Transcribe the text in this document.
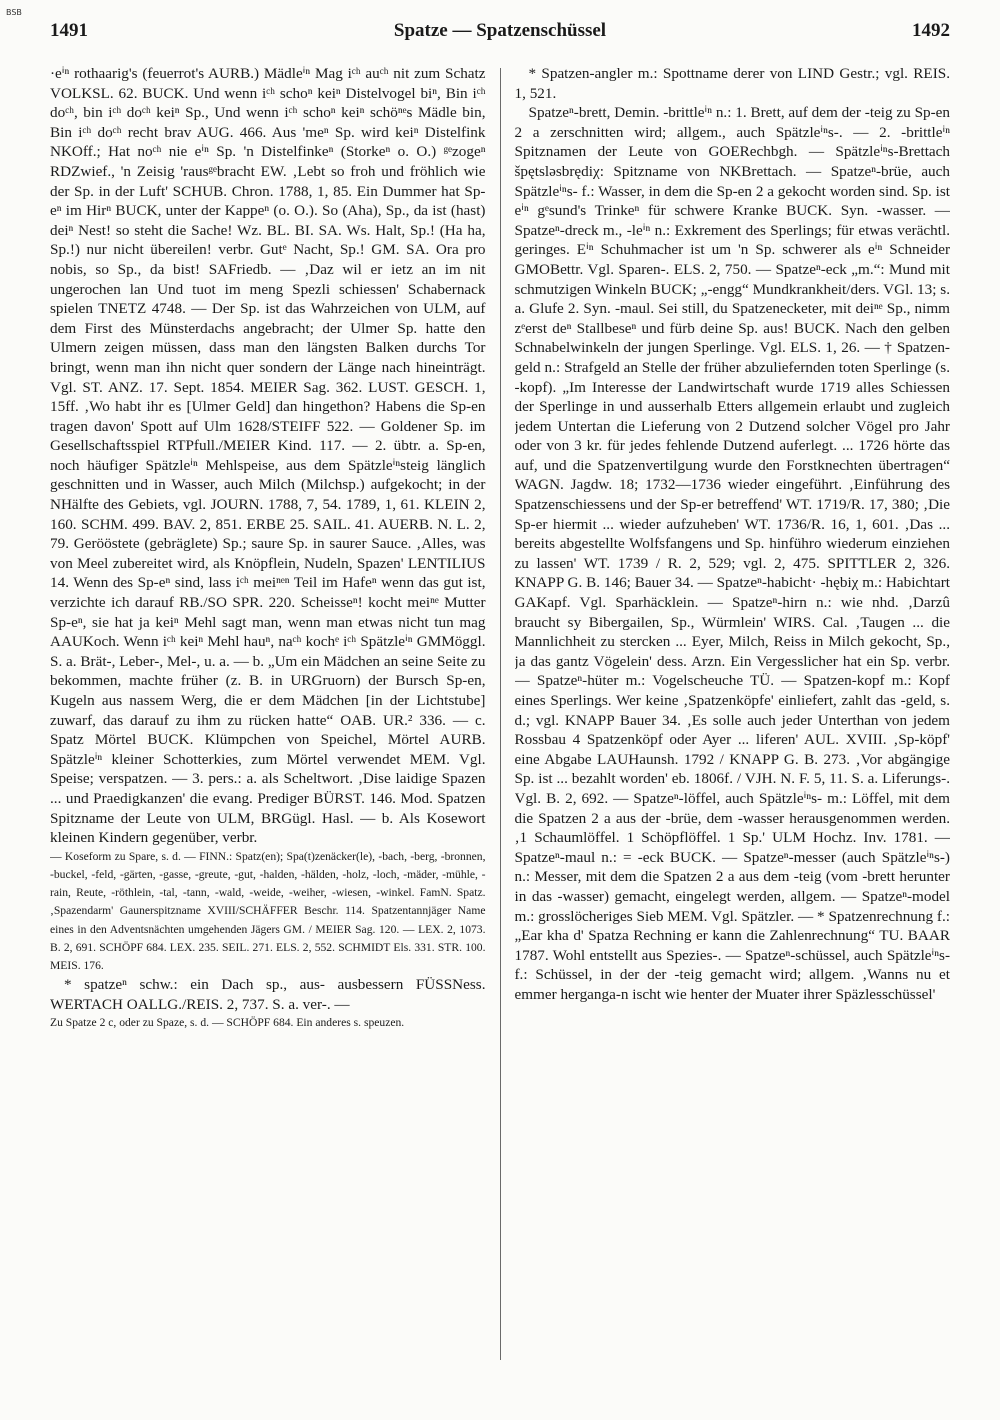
BSB
1491	Spatze — Spatzenschüssel	1492

·eⁱⁿ rothaarig's (feuerrot's AURB.) Mädleⁱⁿ Mag iᶜʰ auᶜʰ nit zum Schatz VOLKSL. 62. BUCK. Und wenn iᶜʰ schoⁿ keiⁿ Distelvogel biⁿ, Bin iᶜʰ doᶜʰ, bin iᶜʰ doᶜʰ keiⁿ Sp., Und wenn iᶜʰ schoⁿ keiⁿ schöⁿᵉs Mädle bin, Bin iᶜʰ doᶜʰ recht brav AUG. 466. Aus 'meⁿ Sp. wird keiⁿ Distelfink NKOff.; Hat noᶜʰ nie eⁱⁿ Sp. 'n Distelfinkeⁿ (Storkeⁿ o. O.) ᵍᵉzogeⁿ RDZwief., 'n Zeisig 'rausᵍᵉbracht EW. ‚Lebt so froh und fröhlich wie der Sp. in der Luft' SCHUB. Chron. 1788, 1, 85. Ein Dummer hat Sp-eⁿ im Hirⁿ BUCK, unter der Kappeⁿ (o. O.). So (Aha), Sp., da ist (hast) deiⁿ Nest! so steht die Sache! Wz. BL. BI. SA. Ws. Halt, Sp.! (Ha ha, Sp.!) nur nicht übereilen! verbr. Gutᵉ Nacht, Sp.! GM. SA. Ora pro nobis, so Sp., da bist! SAFriedb. — ‚Daz wil er ietz an im nit ungerochen lan Und tuot im meng Spezli schiessen' Schabernack spielen TNETZ 4748. — Der Sp. ist das Wahrzeichen von ULM, auf dem First des Münsterdachs angebracht; der Ulmer Sp. hatte den Ulmern zeigen müssen, dass man den längsten Balken durchs Tor bringt, wenn man ihn nicht quer sondern der Länge nach hineinträgt. Vgl. ST. ANZ. 17. Sept. 1854. MEIER Sag. 362. LUST. GESCH. 1, 15ff. ‚Wo habt ihr es [Ulmer Geld] dan hingethon? Habens die Sp-en tragen davon' Spott auf Ulm 1628/STEIFF 522. — Goldener Sp. im Gesellschaftsspiel RTPfull./MEIER Kind. 117. — 2. übtr. a. Sp-en, noch häufiger Spätzleⁱⁿ Mehlspeise, aus dem Spätzleⁱⁿsteig länglich geschnitten und in Wasser, auch Milch (Milchsp.) aufgekocht; in der NHälfte des Gebiets, vgl. JOURN. 1788, 7, 54. 1789, 1, 61. KLEIN 2, 160. SCHM. 499. BAV. 2, 851. ERBE 25. SAIL. 41. AUERB. N. L. 2, 79. Gerööstete (gebräglete) Sp.; saure Sp. in saurer Sauce. ‚Alles, was von Meel zubereitet wird, als Knöpflein, Nudeln, Spazen' LENTILIUS 14. Wenn des Sp-eⁿ sind, lass iᶜʰ meiⁿᵉⁿ Teil im Hafeⁿ wenn das gut ist, verzichte ich darauf RB./SO SPR. 220. Scheisseⁿ! kocht meiⁿᵉ Mutter Sp-eⁿ, sie hat ja keiⁿ Mehl sagt man, wenn man etwas nicht tun mag AAUKoch. Wenn iᶜʰ keiⁿ Mehl hauⁿ, naᶜʰ kochᵉ iᶜʰ Spätzleⁱⁿ GMMöggl. S. a. Brät-, Leber-, Mel-, u. a. — b. „Um ein Mädchen an seine Seite zu bekommen, machte früher (z. B. in URGruorn) der Bursch Sp-en, Kugeln aus nassem Werg, die er dem Mädchen [in der Lichtstube] zuwarf, das darauf zu ihm zu rücken hatte“ OAB. UR.² 336. — c. Spatz Mörtel BUCK. Klümpchen von Speichel, Mörtel AURB. Spätzleⁱⁿ kleiner Schotterkies, zum Mörtel verwendet MEM. Vgl. Speise; verspatzen. — 3. pers.: a. als Scheltwort. ‚Dise laidige Spazen ... und Praedigkanzen' die evang. Prediger BÜRST. 146. Mod. Spatzen Spitzname der Leute von ULM, BRGügl. Hasl. — b. Als Kosewort kleinen Kindern gegenüber, verbr.

— Koseform zu Spare, s. d. — FINN.: Spatz(en); Spa(t)zenäcker(le), -bach, -berg, -bronnen, -buckel, -feld, -gärten, -gasse, -greute, -gut, -halden, -hälden, -holz, -loch, -mäder, -mühle, -rain, Reute, -röthlein, -tal, -tann, -wald, -weide, -weiher, -wiesen, -winkel. FamN. Spatz. ‚Spazendarm' Gaunerspitzname XVIII/SCHÄFFER Beschr. 114. Spatzentannjäger Name eines in den Adventsnächten umgehenden Jägers GM. / MEIER Sag. 120. — LEX. 2, 1073. B. 2, 691. SCHÖPF 684. LEX. 235. SEIL. 271. ELS. 2, 552. SCHMIDT Els. 331. STR. 100. MEIS. 176.

* spatzeⁿ schw.: ein Dach sp., aus- ausbessern FÜSSNess. WERTACH OALLG./REIS. 2, 737. S. a. ver-. —

Zu Spatze 2 c, oder zu Spaze, s. d. — SCHÖPF 684. Ein anderes s. speuzen.

* Spatzen-angler m.: Spottname derer von LIND Gestr.; vgl. REIS. 1, 521.

Spatzeⁿ-brett, Demin. -brittleⁱⁿ n.: 1. Brett, auf dem der -teig zu Sp-en 2 a zerschnitten wird; allgem., auch Spätzleⁱⁿs-. — 2. -brittleⁱⁿ Spitznamen der Leute von GOERechbgh. — Spätzleⁱⁿs-Brettach špętsləsbrędiχ: Spitzname von NKBrettach. — Spatzeⁿ-brüe, auch Spätzleⁱⁿs- f.: Wasser, in dem die Sp-en 2 a gekocht worden sind. Sp. ist eⁱⁿ gᵉsund's Trinkeⁿ für schwere Kranke BUCK. Syn. -wasser. — Spatzeⁿ-dreck m., -leⁱⁿ n.: Exkrement des Sperlings; für etwas verächtl. geringes. Eⁱⁿ Schuhmacher ist um 'n Sp. schwerer als eⁱⁿ Schneider GMOBettr. Vgl. Sparen-. ELS. 2, 750. — Spatzeⁿ-eck „m.“: Mund mit schmutzigen Winkeln BUCK; „-engg“ Mundkrankheit/ders. VGl. 13; s. a. Glufe 2. Syn. -maul. Sei still, du Spatzenecketer, mit deiⁿᵉ Sp., nimm zᵉerst deⁿ Stallbeseⁿ und fürb deine Sp. aus! BUCK. Nach den gelben Schnabelwinkeln der jungen Sperlinge. Vgl. ELS. 1, 26. — † Spatzen-geld n.: Strafgeld an Stelle der früher abzuliefernden toten Sperlinge (s. -kopf). „Im Interesse der Landwirtschaft wurde 1719 alles Schiessen der Sperlinge in und ausserhalb Etters allgemein erlaubt und zugleich jedem Untertan die Lieferung von 2 Dutzend solcher Vögel pro Jahr oder von 3 kr. für jedes fehlende Dutzend auferlegt. ... 1726 hörte das auf, und die Spatzenvertilgung wurde den Forstknechten übertragen“ WAGN. Jagdw. 18; 1732—1736 wieder eingeführt. ‚Einführung des Spatzenschiessens und der Sp-er betreffend' WT. 1719/R. 17, 380; ‚Die Sp-er hiermit ... wieder aufzuheben' WT. 1736/R. 16, 1, 601. ‚Das ... bereits abgestellte Wolfsfangens und Sp. hinführo wiederum einziehen zu lassen' WT. 1739 / R. 2, 529; vgl. 2, 475. SPITTLER 2, 326. KNAPP G. B. 146; Bauer 34. — Spatzeⁿ-habicht· -hębiχ m.: Habichtart GAKapf. Vgl. Sparhäcklein. — Spatzeⁿ-hirn n.: wie nhd. ‚Darzû braucht sy Bibergailen, Sp., Würmlein' WIRS. Cal. ‚Taugen ... die Mannlichheit zu stercken ... Eyer, Milch, Reiss in Milch gekocht, Sp., ja das gantz Vögelein' dess. Arzn. Ein Vergesslicher hat ein Sp. verbr. — Spatzeⁿ-hüter m.: Vogelscheuche TÜ. — Spatzen-kopf m.: Kopf eines Sperlings. Wer keine ‚Spatzenköpfe' einliefert, zahlt das -geld, s. d.; vgl. KNAPP Bauer 34. ‚Es solle auch jeder Unterthan von jedem Rossbau 4 Spatzenköpf oder Ayer ... liferen' AUL. XVIII. ‚Sp-köpf' eine Abgabe LAUHaunsh. 1792 / KNAPP G. B. 273. ‚Vor abgängige Sp. ist ... bezahlt worden' eb. 1806f. / VJH. N. F. 5, 11. S. a. Liferungs-. Vgl. B. 2, 692. — Spatzeⁿ-löffel, auch Spätzleⁱⁿs- m.: Löffel, mit dem die Spatzen 2 a aus der -brüe, dem -wasser herausgenommen werden. ‚1 Schaumlöffel. 1 Schöpflöffel. 1 Sp.' ULM Hochz. Inv. 1781. — Spatzeⁿ-maul n.: = -eck BUCK. — Spatzeⁿ-messer (auch Spätzleⁱⁿs-) n.: Messer, mit dem die Spatzen 2 a aus dem -teig (vom -brett herunter in das -wasser) gemacht, eingelegt werden, allgem. — Spatzeⁿ-model m.: grosslöcheriges Sieb MEM. Vgl. Spätzler. — * Spatzenrechnung f.: „Ear kha d' Spatza Rechning er kann die Zahlenrechnung“ TU. BAAR 1787. Wohl entstellt aus Spezies-. — Spatzeⁿ-schüssel, auch Spätzleⁱⁿs- f.: Schüssel, in der der -teig gemacht wird; allgem. ‚Wanns nu et emmer herganga-n ischt wie henter der Muater ihrer Späzlesschüssel'
